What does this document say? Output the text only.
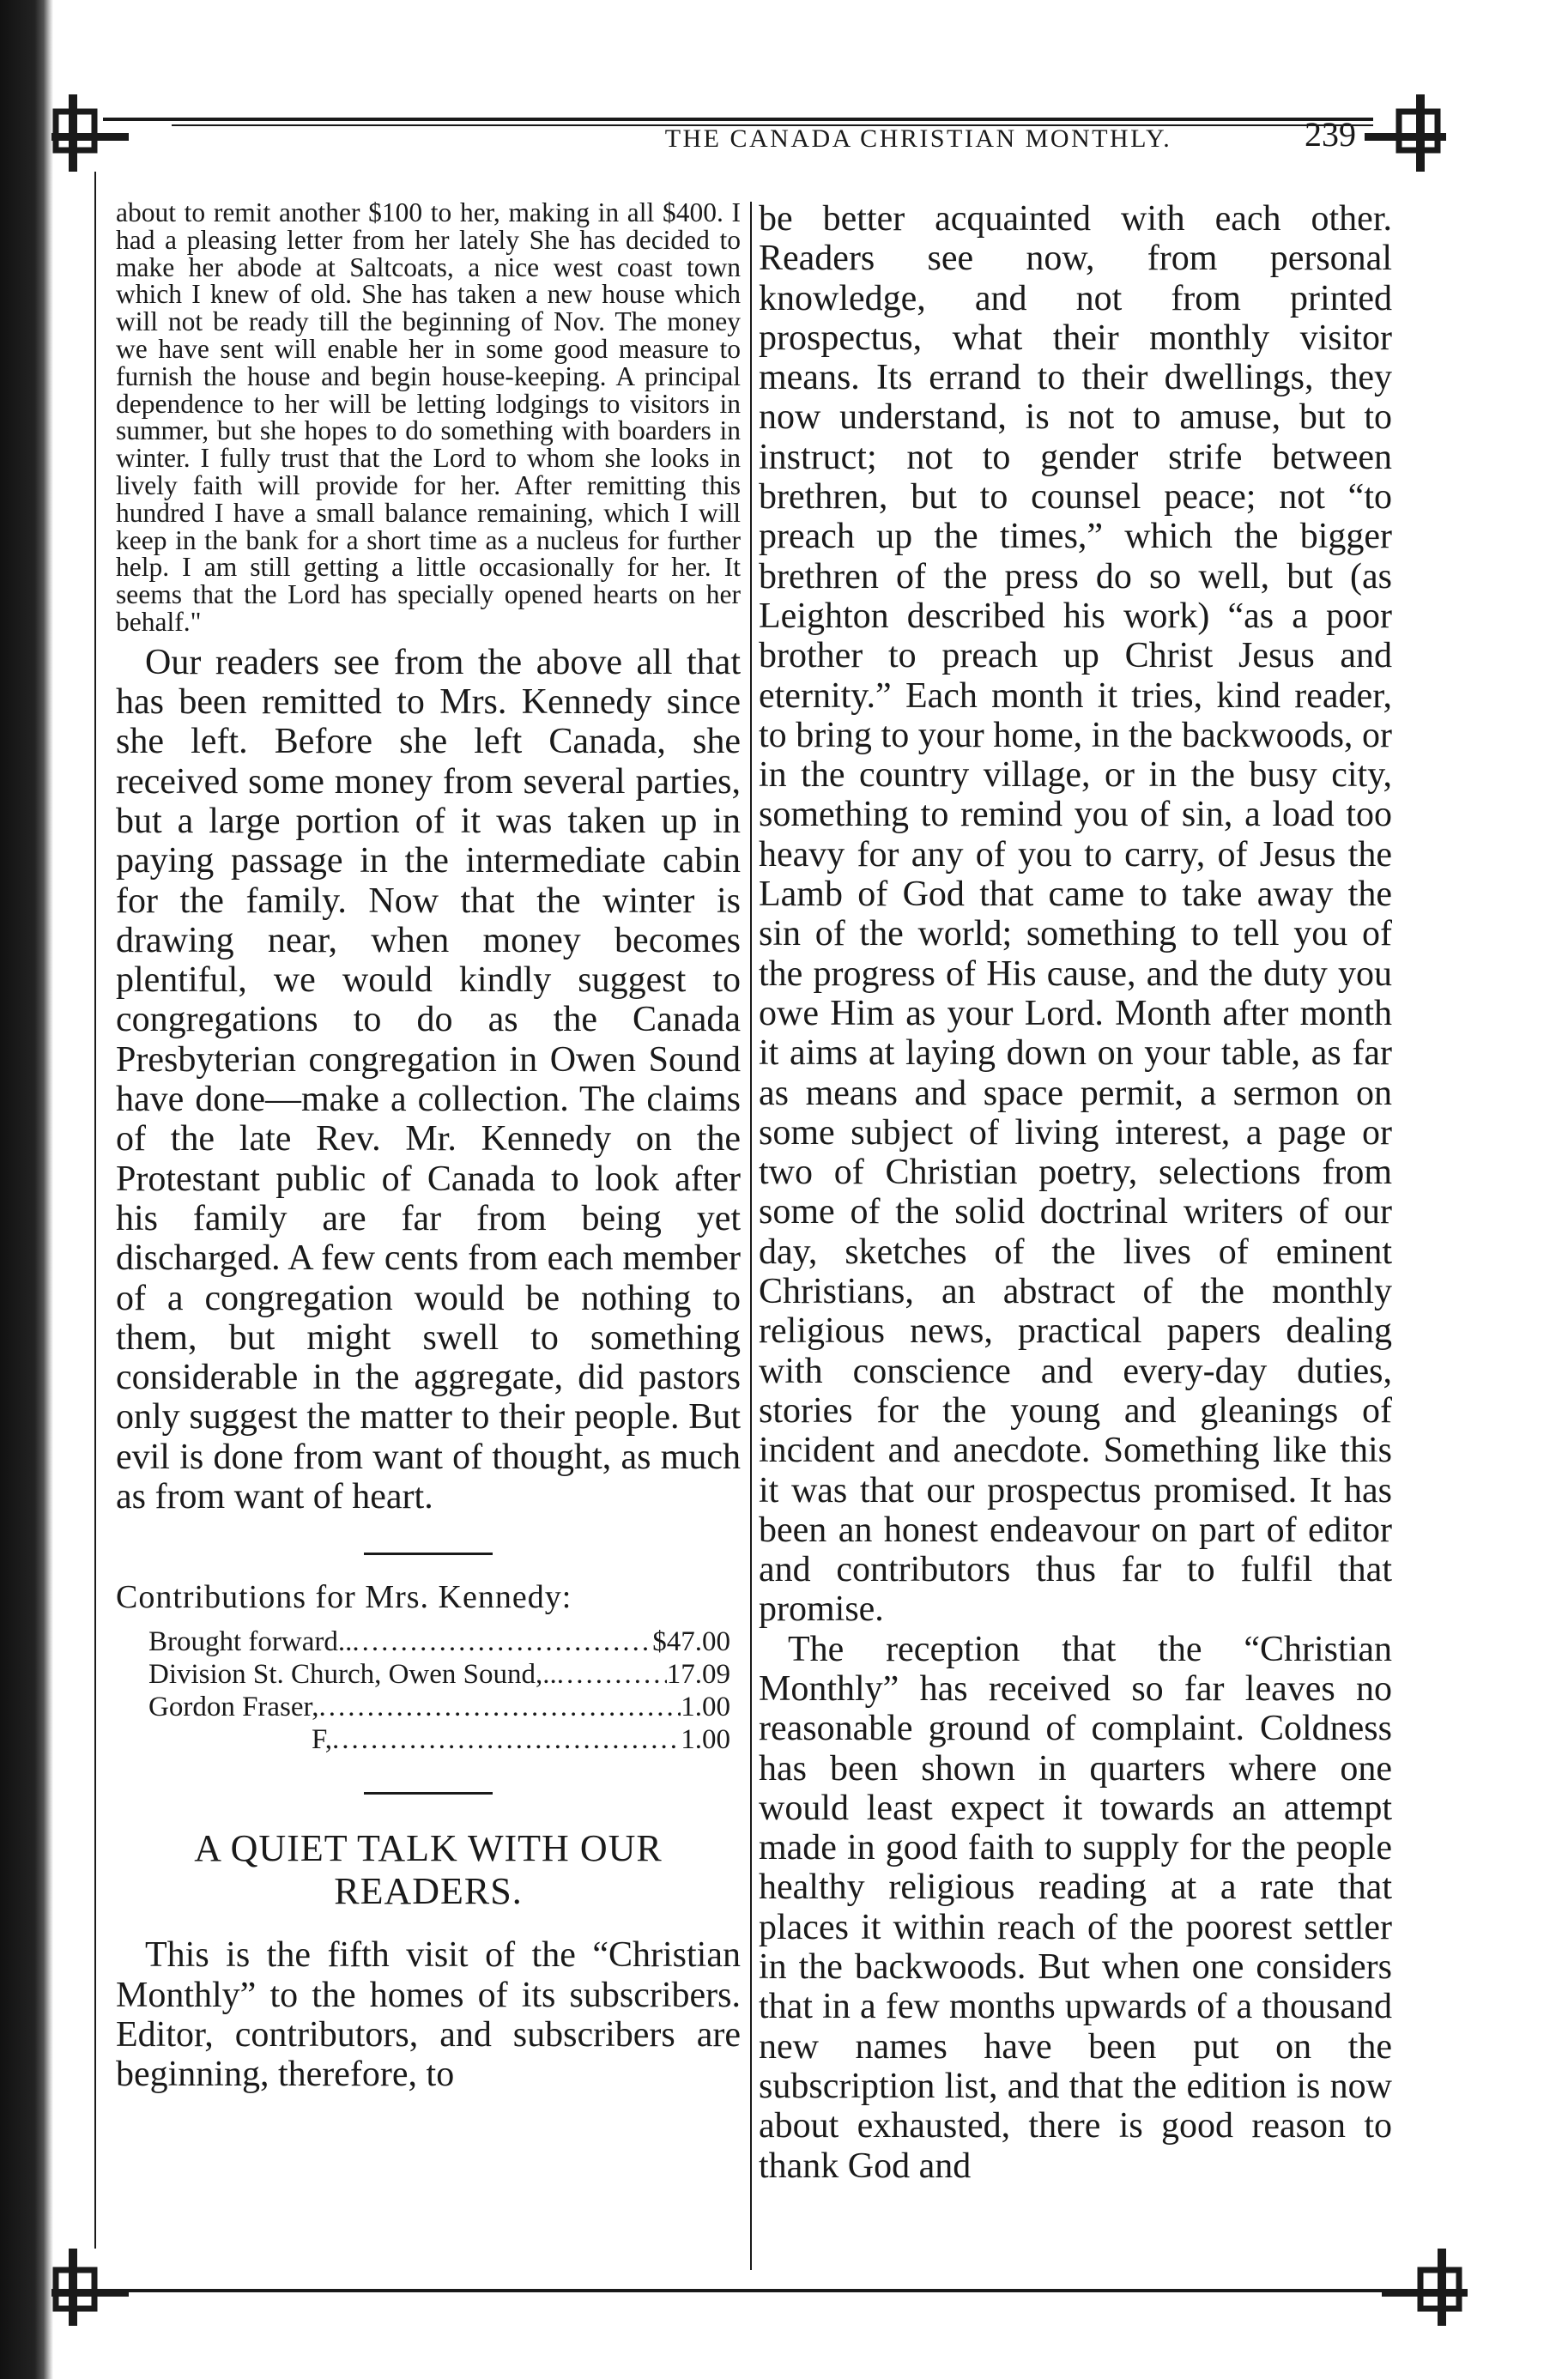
THE CANADA CHRISTIAN MONTHLY.	239

about to remit another $100 to her, making in all $400. I had a pleasing letter from her lately She has decided to make her abode at Saltcoats, a nice west coast town which I knew of old. She has taken a new house which will not be ready till the beginning of Nov. The money we have sent will enable her in some good measure to furnish the house and begin house-keeping. A principal dependence to her will be letting lodgings to visitors in summer, but she hopes to do something with boarders in winter. I fully trust that the Lord to whom she looks in lively faith will provide for her. After remitting this hundred I have a small balance remaining, which I will keep in the bank for a short time as a nucleus for further help. I am still getting a little occasionally for her. It seems that the Lord has specially opened hearts on her behalf."

Our readers see from the above all that has been remitted to Mrs. Kennedy since she left. Before she left Canada, she received some money from several parties, but a large portion of it was taken up in paying passage in the intermediate cabin for the family. Now that the winter is drawing near, when money becomes plentiful, we would kindly suggest to congregations to do as the Canada Presbyterian congregation in Owen Sound have done—make a collection. The claims of the late Rev. Mr. Kennedy on the Protestant public of Canada to look after his family are far from being yet discharged. A few cents from each member of a congregation would be nothing to them, but might swell to something considerable in the aggregate, did pastors only suggest the matter to their people. But evil is done from want of thought, as much as from want of heart.

Contributions for Mrs. Kennedy:
Brought forward.. .....	$47.00
Division St. Church, Owen Sound,.. .....	17.09
Gordon Fraser, .....	1.00
F, .....	1.00
A QUIET TALK WITH OUR READERS.

This is the fifth visit of the “Christian Monthly” to the homes of its subscribers. Editor, contributors, and subscribers are beginning, therefore, to

be better acquainted with each other. Readers see now, from personal knowledge, and not from printed prospectus, what their monthly visitor means. Its errand to their dwellings, they now understand, is not to amuse, but to instruct; not to gender strife between brethren, but to counsel peace; not “to preach up the times,” which the bigger brethren of the press do so well, but (as Leighton described his work) “as a poor brother to preach up Christ Jesus and eternity.” Each month it tries, kind reader, to bring to your home, in the backwoods, or in the country village, or in the busy city, something to remind you of sin, a load too heavy for any of you to carry, of Jesus the Lamb of God that came to take away the sin of the world; something to tell you of the progress of His cause, and the duty you owe Him as your Lord. Month after month it aims at laying down on your table, as far as means and space permit, a sermon on some subject of living interest, a page or two of Christian poetry, selections from some of the solid doctrinal writers of our day, sketches of the lives of eminent Christians, an abstract of the monthly religious news, practical papers dealing with conscience and every-day duties, stories for the young and gleanings of incident and anecdote. Something like this it was that our prospectus promised. It has been an honest endeavour on part of editor and contributors thus far to fulfil that promise.

The reception that the “Christian Monthly” has received so far leaves no reasonable ground of complaint. Coldness has been shown in quarters where one would least expect it towards an attempt made in good faith to supply for the people healthy religious reading at a rate that places it within reach of the poorest settler in the backwoods. But when one considers that in a few months upwards of a thousand new names have been put on the subscription list, and that the edition is now about exhausted, there is good reason to thank God and
